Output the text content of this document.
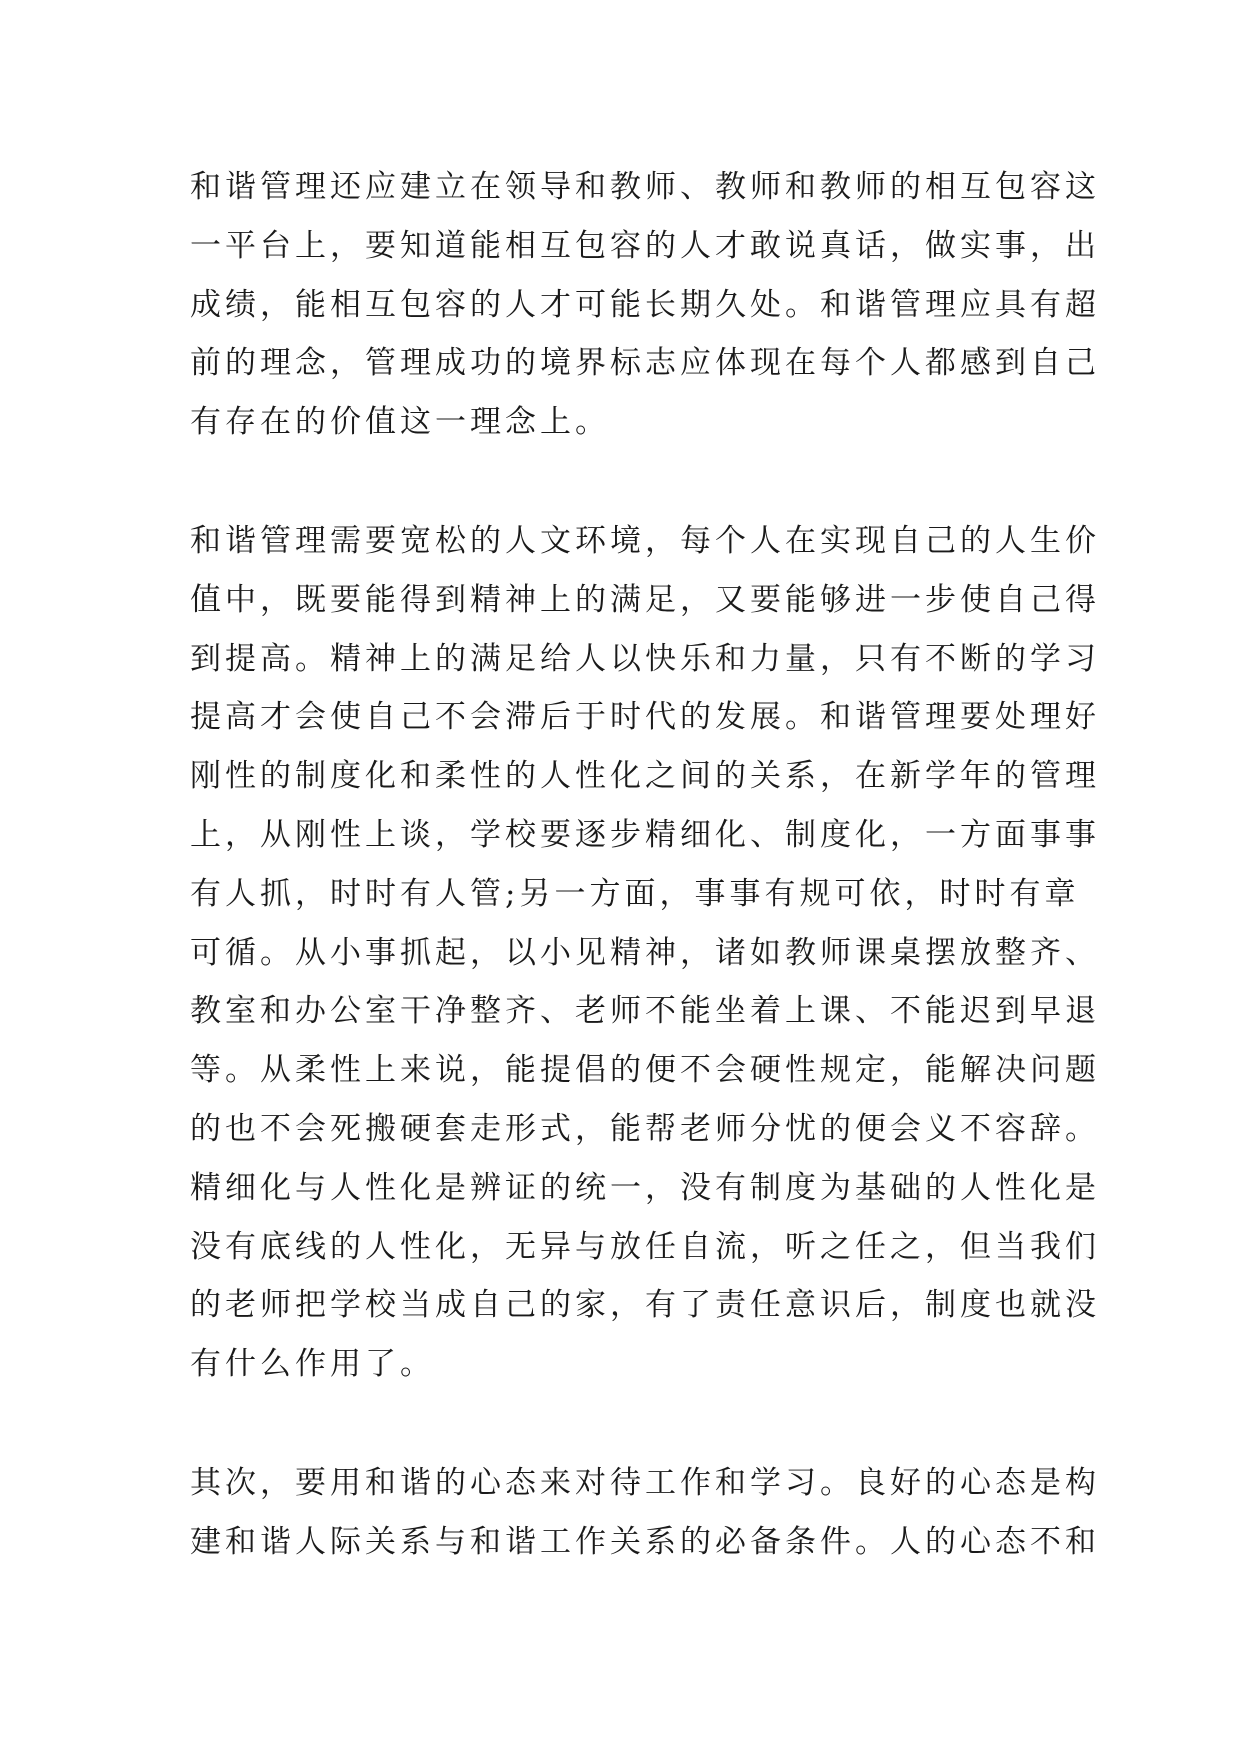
和谐管理还应建立在领导和教师、教师和教师的相互包容这
一平台上，要知道能相互包容的人才敢说真话，做实事，出
成绩，能相互包容的人才可能长期久处。和谐管理应具有超
前的理念，管理成功的境界标志应体现在每个人都感到自己
有存在的价值这一理念上。
和谐管理需要宽松的人文环境，每个人在实现自己的人生价
值中，既要能得到精神上的满足，又要能够进一步使自己得
到提高。精神上的满足给人以快乐和力量，只有不断的学习
提高才会使自己不会滞后于时代的发展。和谐管理要处理好
刚性的制度化和柔性的人性化之间的关系，在新学年的管理
上，从刚性上谈，学校要逐步精细化、制度化，一方面事事
有人抓，时时有人管;另一方面，事事有规可依，时时有章
可循。从小事抓起，以小见精神，诸如教师课桌摆放整齐、
教室和办公室干净整齐、老师不能坐着上课、不能迟到早退
等。从柔性上来说，能提倡的便不会硬性规定，能解决问题
的也不会死搬硬套走形式，能帮老师分忧的便会义不容辞。
精细化与人性化是辨证的统一，没有制度为基础的人性化是
没有底线的人性化，无异与放任自流，听之任之，但当我们
的老师把学校当成自己的家，有了责任意识后，制度也就没
有什么作用了。
其次，要用和谐的心态来对待工作和学习。良好的心态是构
建和谐人际关系与和谐工作关系的必备条件。人的心态不和
